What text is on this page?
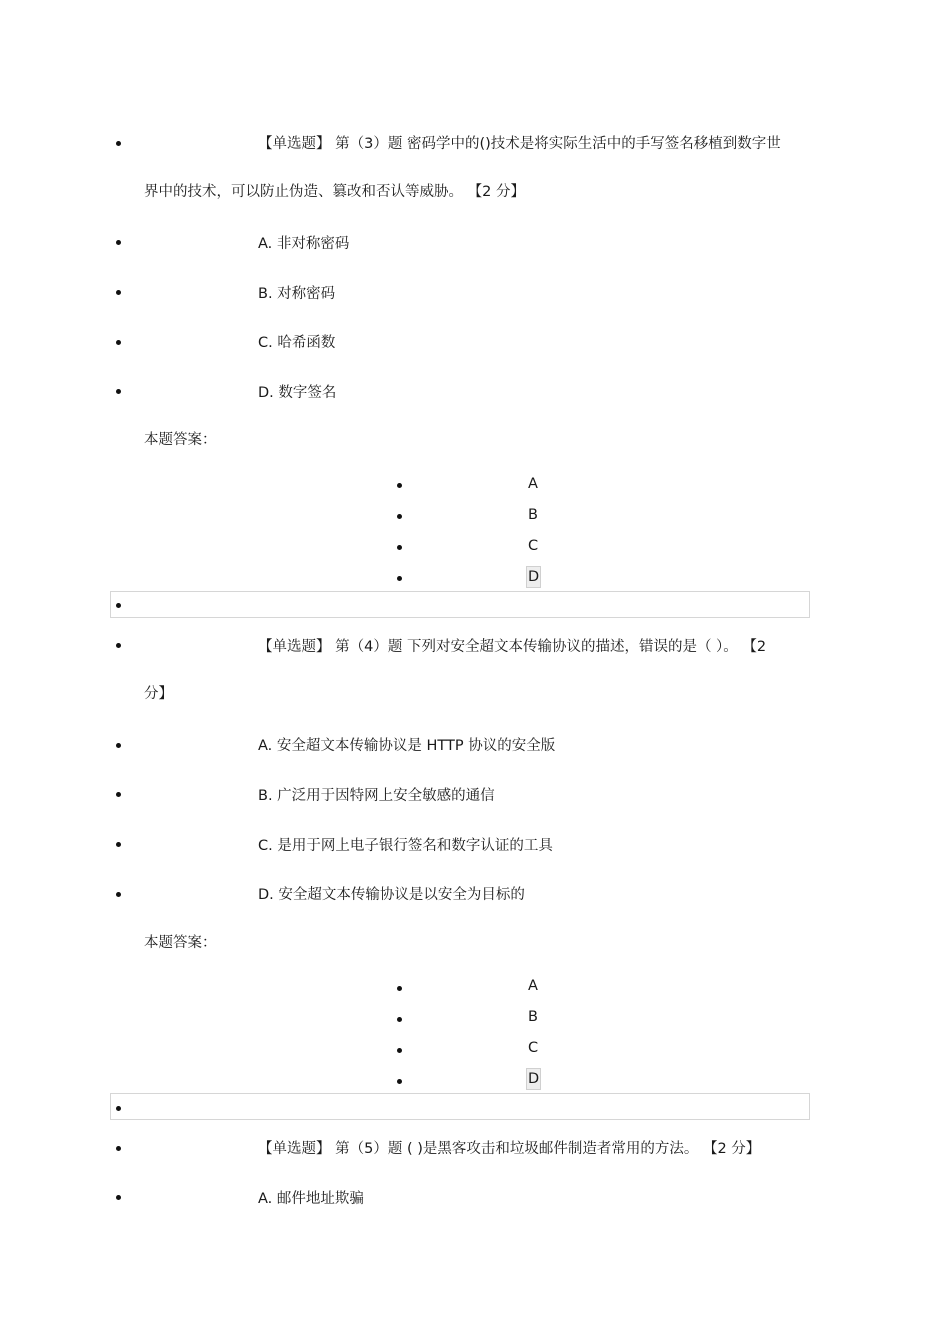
【单选题】 第（3）题 密码学中的()技术是将实际生活中的手写签名移植到数字世
界中的技术，可以防止伪造、篡改和否认等威胁。 【2 分】
A. 非对称密码
B. 对称密码
C. 哈希函数
D. 数字签名
本题答案：
A
B
C
D
【单选题】 第（4）题 下列对安全超文本传输协议的描述，错误的是（ ）。 【2
分】
A. 安全超文本传输协议是 HTTP 协议的安全版
B. 广泛用于因特网上安全敏感的通信
C. 是用于网上电子银行签名和数字认证的工具
D. 安全超文本传输协议是以安全为目标的
本题答案：
A
B
C
D
【单选题】 第（5）题 ( )是黑客攻击和垃圾邮件制造者常用的方法。 【2 分】
A. 邮件地址欺骗
